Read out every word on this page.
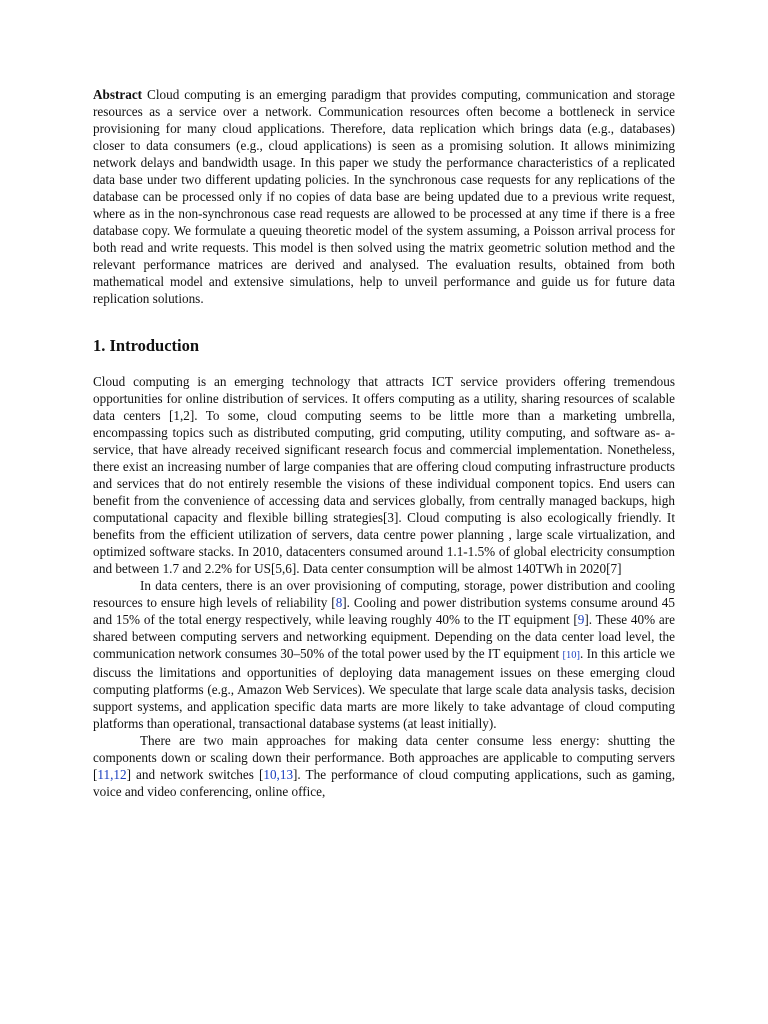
Abstract Cloud computing is an emerging paradigm that provides computing, communication and storage resources as a service over a network. Communication resources often become a bottleneck in service provisioning for many cloud applications. Therefore, data replication which brings data (e.g., databases) closer to data consumers (e.g., cloud applications) is seen as a promising solution. It allows minimizing network delays and bandwidth usage. In this paper we study the performance characteristics of a replicated data base under two different updating policies. In the synchronous case requests for any replications of the database can be processed only if no copies of data base are being updated due to a previous write request, where as in the non-synchronous case read requests are allowed to be processed at any time if there is a free database copy. We formulate a queuing theoretic model of the system assuming, a Poisson arrival process for both read and write requests. This model is then solved using the matrix geometric solution method and the relevant performance matrices are derived and analysed. The evaluation results, obtained from both mathematical model and extensive simulations, help to unveil performance and guide us for future data replication solutions.

1. Introduction

Cloud computing is an emerging technology that attracts ICT service providers offering tremendous opportunities for online distribution of services. It offers computing as a utility, sharing resources of scalable data centers [1,2]. To some, cloud computing seems to be little more than a marketing umbrella, encompassing topics such as distributed computing, grid computing, utility computing, and software as- a-service, that have already received significant research focus and commercial implementation. Nonetheless, there exist an increasing number of large companies that are offering cloud computing infrastructure products and services that do not entirely resemble the visions of these individual component topics. End users can benefit from the convenience of accessing data and services globally, from centrally managed backups, high computational capacity and flexible billing strategies[3]. Cloud computing is also ecologically friendly. It benefits from the efficient utilization of servers, data centre power planning , large scale virtualization, and optimized software stacks. In 2010, datacenters consumed around 1.1-1.5% of global electricity consumption and between 1.7 and 2.2% for US[5,6]. Data center consumption will be almost 140TWh in 2020[7]

In data centers, there is an over provisioning of computing, storage, power distribution and cooling resources to ensure high levels of reliability [8]. Cooling and power distribution systems consume around 45 and 15% of the total energy respectively, while leaving roughly 40% to the IT equipment [9]. These 40% are shared between computing servers and networking equipment. Depending on the data center load level, the communication network consumes 30–50% of the total power used by the IT equipment [10]. In this article we discuss the limitations and opportunities of deploying data management issues on these emerging cloud computing platforms (e.g., Amazon Web Services). We speculate that large scale data analysis tasks, decision support systems, and application specific data marts are more likely to take advantage of cloud computing platforms than operational, transactional database systems (at least initially).

There are two main approaches for making data center consume less energy: shutting the components down or scaling down their performance. Both approaches are applicable to computing servers [11,12] and network switches [10,13]. The performance of cloud computing applications, such as gaming, voice and video conferencing, online office,
